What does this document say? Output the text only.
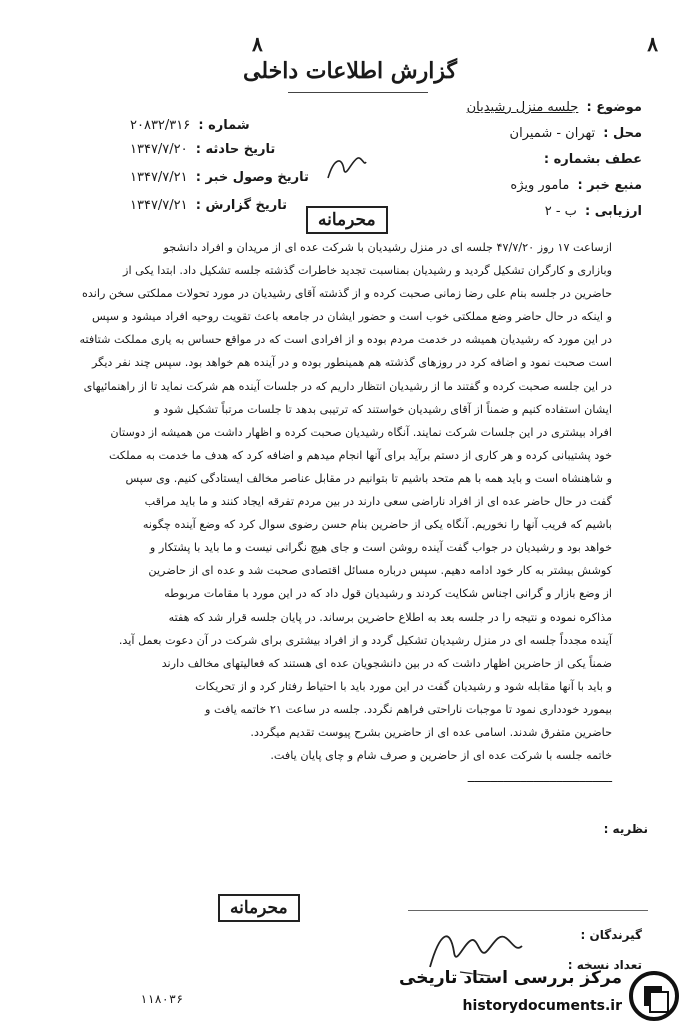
۸
۸
گزارش اطلاعات داخلی
موضوع : جلسه منزل رشیدیان
محل : تهران - شمیران
عطف بشماره :
منبع خبر : مامور ویژه
ارزیابی : ب - ۲
شماره : ۲۰۸۳۲/۳۱۶
تاریخ حادثه : ۱۳۴۷/۷/۲۰
تاریخ وصول خبر : ۱۳۴۷/۷/۲۱
تاریخ گزارش : ۱۳۴۷/۷/۲۱
محرمانه

ازساعت ۱۷ روز ۴۷/۷/۲۰ جلسه ای در منزل رشیدیان با شرکت عده ای از مریدان و افراد دانشجو

وبازاری و کارگران تشکیل گردید و رشیدیان بمناسبت تجدید خاطرات گذشته جلسه تشکیل داد. ابتدا یکی از

حاضرین در جلسه بنام علی رضا زمانی صحبت کرده و از گذشته آقای رشیدیان در مورد تحولات مملکتی سخن رانده

و اینکه در حال حاضر وضع مملکتی خوب است و حضور ایشان در جامعه باعث تقویت روحیه افراد میشود و سپس

در این مورد که رشیدیان همیشه در خدمت مردم بوده و از افرادی است که در مواقع حساس به یاری مملکت شتافته

است صحبت نمود و اضافه کرد در روزهای گذشته هم همینطور بوده و در آینده هم خواهد بود. سپس چند نفر دیگر

در این جلسه صحبت کرده و گفتند ما از رشیدیان انتظار داریم که در جلسات آینده هم شرکت نماید تا از راهنمائیهای

ایشان استفاده کنیم و ضمناً از آقای رشیدیان خواستند که ترتیبی بدهد تا جلسات مرتباً تشکیل شود و

افراد بیشتری در این جلسات شرکت نمایند. آنگاه رشیدیان صحبت کرده و اظهار داشت من همیشه از دوستان

خود پشتیبانی کرده و هر کاری از دستم برآید برای آنها انجام میدهم و اضافه کرد که هدف ما خدمت به مملکت

و شاهنشاه است و باید همه با هم متحد باشیم تا بتوانیم در مقابل عناصر مخالف ایستادگی کنیم. وی سپس

گفت در حال حاضر عده ای از افراد ناراضی سعی دارند در بین مردم تفرقه ایجاد کنند و ما باید مراقب

باشیم که فریب آنها را نخوریم. آنگاه یکی از حاضرین بنام حسن رضوی سوال کرد که وضع آینده چگونه

خواهد بود و رشیدیان در جواب گفت آینده روشن است و جای هیچ نگرانی نیست و ما باید با پشتکار و

کوشش بیشتر به کار خود ادامه دهیم. سپس درباره مسائل اقتصادی صحبت شد و عده ای از حاضرین

از وضع بازار و گرانی اجناس شکایت کردند و رشیدیان قول داد که در این مورد با مقامات مربوطه

مذاکره نموده و نتیجه را در جلسه بعد به اطلاع حاضرین برساند. در پایان جلسه قرار شد که هفته

آینده مجدداً جلسه ای در منزل رشیدیان تشکیل گردد و از افراد بیشتری برای شرکت در آن دعوت بعمل آید.

ضمناً یکی از حاضرین اظهار داشت که در بین دانشجویان عده ای هستند که فعالیتهای مخالف دارند

و باید با آنها مقابله شود و رشیدیان گفت در این مورد باید با احتیاط رفتار کرد و از تحریکات

بیمورد خودداری نمود تا موجبات ناراحتی فراهم نگردد. جلسه در ساعت ۲۱ خاتمه یافت و

حاضرین متفرق شدند. اسامی عده ای از حاضرین بشرح پیوست تقدیم میگردد.

خاتمه جلسه با شرکت عده ای از حاضرین و صرف شام و چای پایان یافت.

ــــــــــــــــــــــــــــــــــــــــــــ

نظریه :
محرمانه
گیرندگان :
تعداد نسخه :
۱۱۸۰۳۶
مرکز بررسی اسناد تاریخی
historydocuments.ir
